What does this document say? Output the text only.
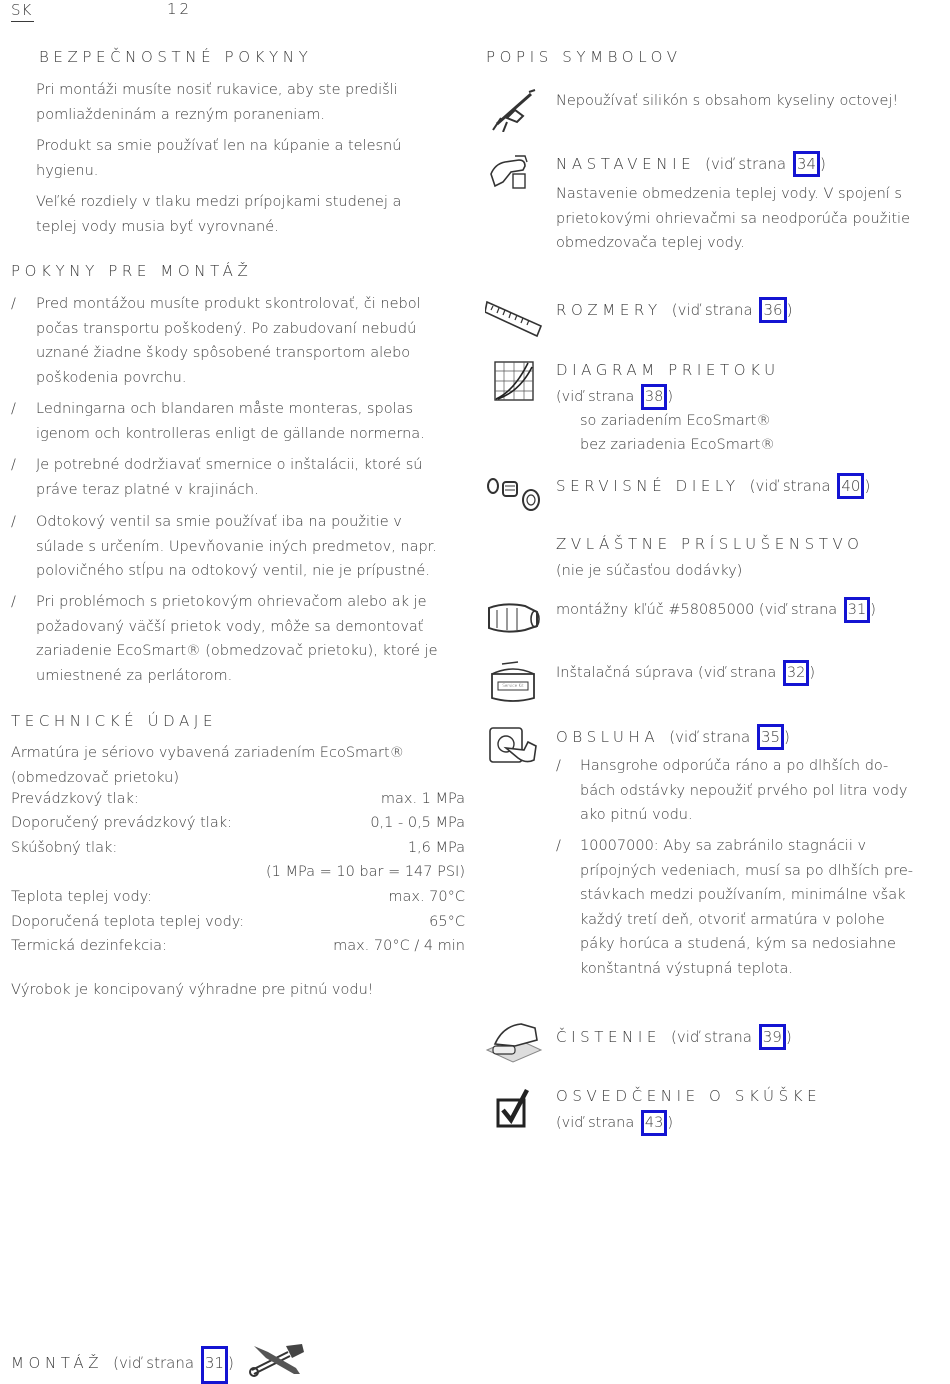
SK	12
BEZPEČNOSTNÉ POKYNY
Pri montáži musíte nosiť rukavice, aby ste predišli
pomliaždeninám a rezným poraneniam.
Produkt sa smie používať len na kúpanie a telesnú
hygienu.
Veľké rozdiely v tlaku medzi prípojkami studenej a
teplej vody musia byť vyrovnané.
POKYNY PRE MONTÁŽ
/ Pred montážou musíte produkt skontrolovať, či nebol
počas transportu poškodený. Po zabudovaní nebudú
uznané žiadne škody spôsobené transportom alebo
poškodenia povrchu.
/ Ledningarna och blandaren måste monteras, spolas
igenom och kontrolleras enligt de gällande normerna.
/ Je potrebné dodržiavať smernice o inštalácii, ktoré sú
práve teraz platné v krajinách.
/ Odtokový ventil sa smie používať iba na použitie v
súlade s určením. Upevňovanie iných predmetov, napr.
polovičného stĺpu na odtokový ventil, nie je prípustné.
/ Pri problémoch s prietokovým ohrievačom alebo ak je
požadovaný väčší prietok vody, môže sa demontovať
zariadenie EcoSmart® (obmedzovač prietoku), ktoré je
umiestnené za perlátorom.
TECHNICKÉ ÚDAJE
Armatúra je sériovo vybavená zariadením EcoSmart®
(obmedzovač prietoku)
Prevádzkový tlak:	max. 1 MPa
Doporučený prevádzkový tlak:	0,1 - 0,5 MPa
Skúšobný tlak:	1,6 MPa
(1 MPa = 10 bar = 147 PSI)
Teplota teplej vody:	max. 70°C
Doporučená teplota teplej vody:	65°C
Termická dezinfekcia:	max. 70°C / 4 min
Výrobok je koncipovaný výhradne pre pitnú vodu!
MONTÁŽ (viď strana 31 )
POPIS SYMBOLOV
Nepoužívať silikón s obsahom kyseliny octovej!
NASTAVENIE (viď strana 34 )
Nastavenie obmedzenia teplej vody. V spojení s
prietokovými ohrievačmi sa neodporúča použitie
obmedzovača teplej vody.
ROZMERY (viď strana 36 )
DIAGRAM PRIETOKU
(viď strana 38 )
so zariadením EcoSmart®
bez zariadenia EcoSmart®
SERVISNÉ DIELY (viď strana 40 )
ZVLÁŠTNE PRÍSLUŠENSTVO
(nie je súčasťou dodávky)
montážny kľúč #58085000 (viď strana 31 )
Service Kit
Inštalačná súprava (viď strana 32 )
OBSLUHA (viď strana 35 )
/ Hansgrohe odporúča ráno a po dlhších do-
bách odstávky nepoužiť prvého pol litra vody
ako pitnú vodu.
/ 10007000: Aby sa zabránilo stagnácii v
prípojných vedeniach, musí sa po dlhších pre-
stávkach medzi používaním, minimálne však
každý tretí deň, otvoriť armatúra v polohe
páky horúca a studená, kým sa nedosiahne
konštantná výstupná teplota.
ČISTENIE (viď strana 39 )
OSVEDČENIE O SKÚŠKE
(viď strana 43 )
